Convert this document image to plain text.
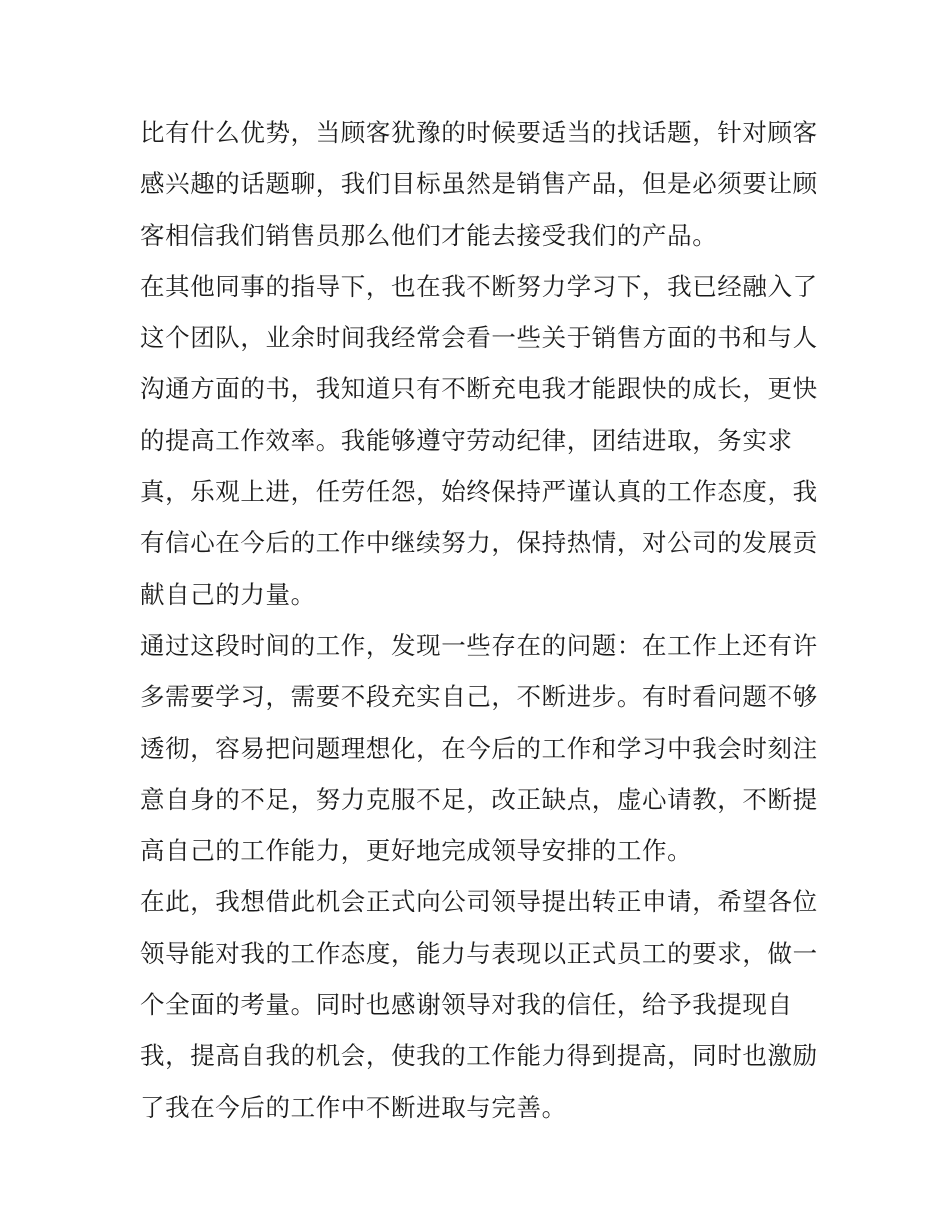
比有什么优势，当顾客犹豫的时候要适当的找话题，针对顾客
感兴趣的话题聊，我们目标虽然是销售产品，但是必须要让顾
客相信我们销售员那么他们才能去接受我们的产品。
在其他同事的指导下，也在我不断努力学习下，我已经融入了
这个团队，业余时间我经常会看一些关于销售方面的书和与人
沟通方面的书，我知道只有不断充电我才能跟快的成长，更快
的提高工作效率。我能够遵守劳动纪律，团结进取，务实求
真，乐观上进，任劳任怨，始终保持严谨认真的工作态度，我
有信心在今后的工作中继续努力，保持热情，对公司的发展贡
献自己的力量。
通过这段时间的工作，发现一些存在的问题：在工作上还有许
多需要学习，需要不段充实自己，不断进步。有时看问题不够
透彻，容易把问题理想化，在今后的工作和学习中我会时刻注
意自身的不足，努力克服不足，改正缺点，虚心请教，不断提
高自己的工作能力，更好地完成领导安排的工作。
在此，我想借此机会正式向公司领导提出转正申请，希望各位
领导能对我的工作态度，能力与表现以正式员工的要求，做一
个全面的考量。同时也感谢领导对我的信任，给予我提现自
我，提高自我的机会，使我的工作能力得到提高，同时也激励
了我在今后的工作中不断进取与完善。
